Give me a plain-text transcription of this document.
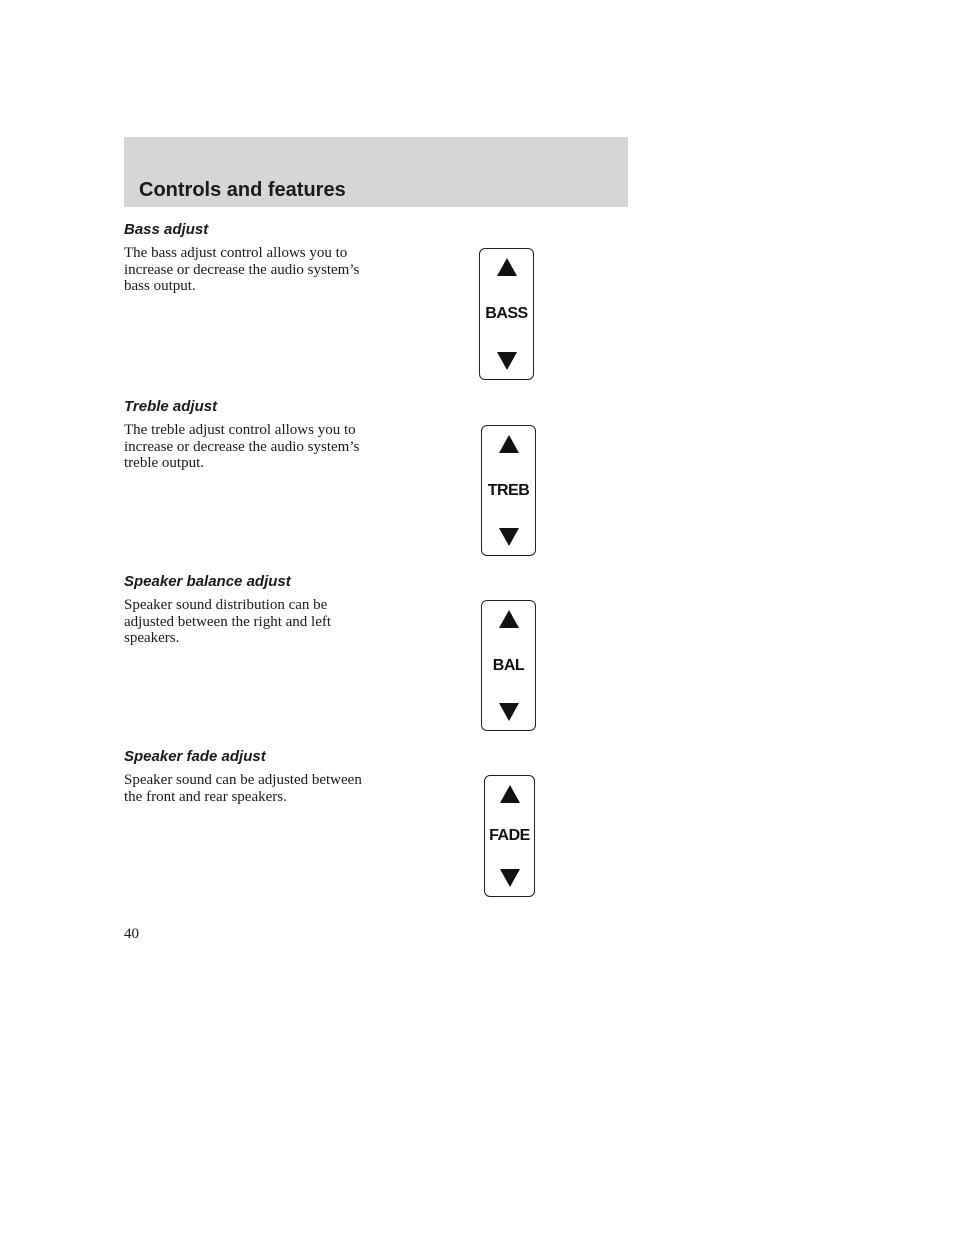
Controls and features
Bass adjust

The bass adjust control allows you to increase or decrease the audio system’s bass output.

BASS
Treble adjust

The treble adjust control allows you to increase or decrease the audio system’s treble output.

TREB
Speaker balance adjust

Speaker sound distribution can be adjusted between the right and left speakers.

BAL
Speaker fade adjust

Speaker sound can be adjusted between the front and rear speakers.

FADE

40
